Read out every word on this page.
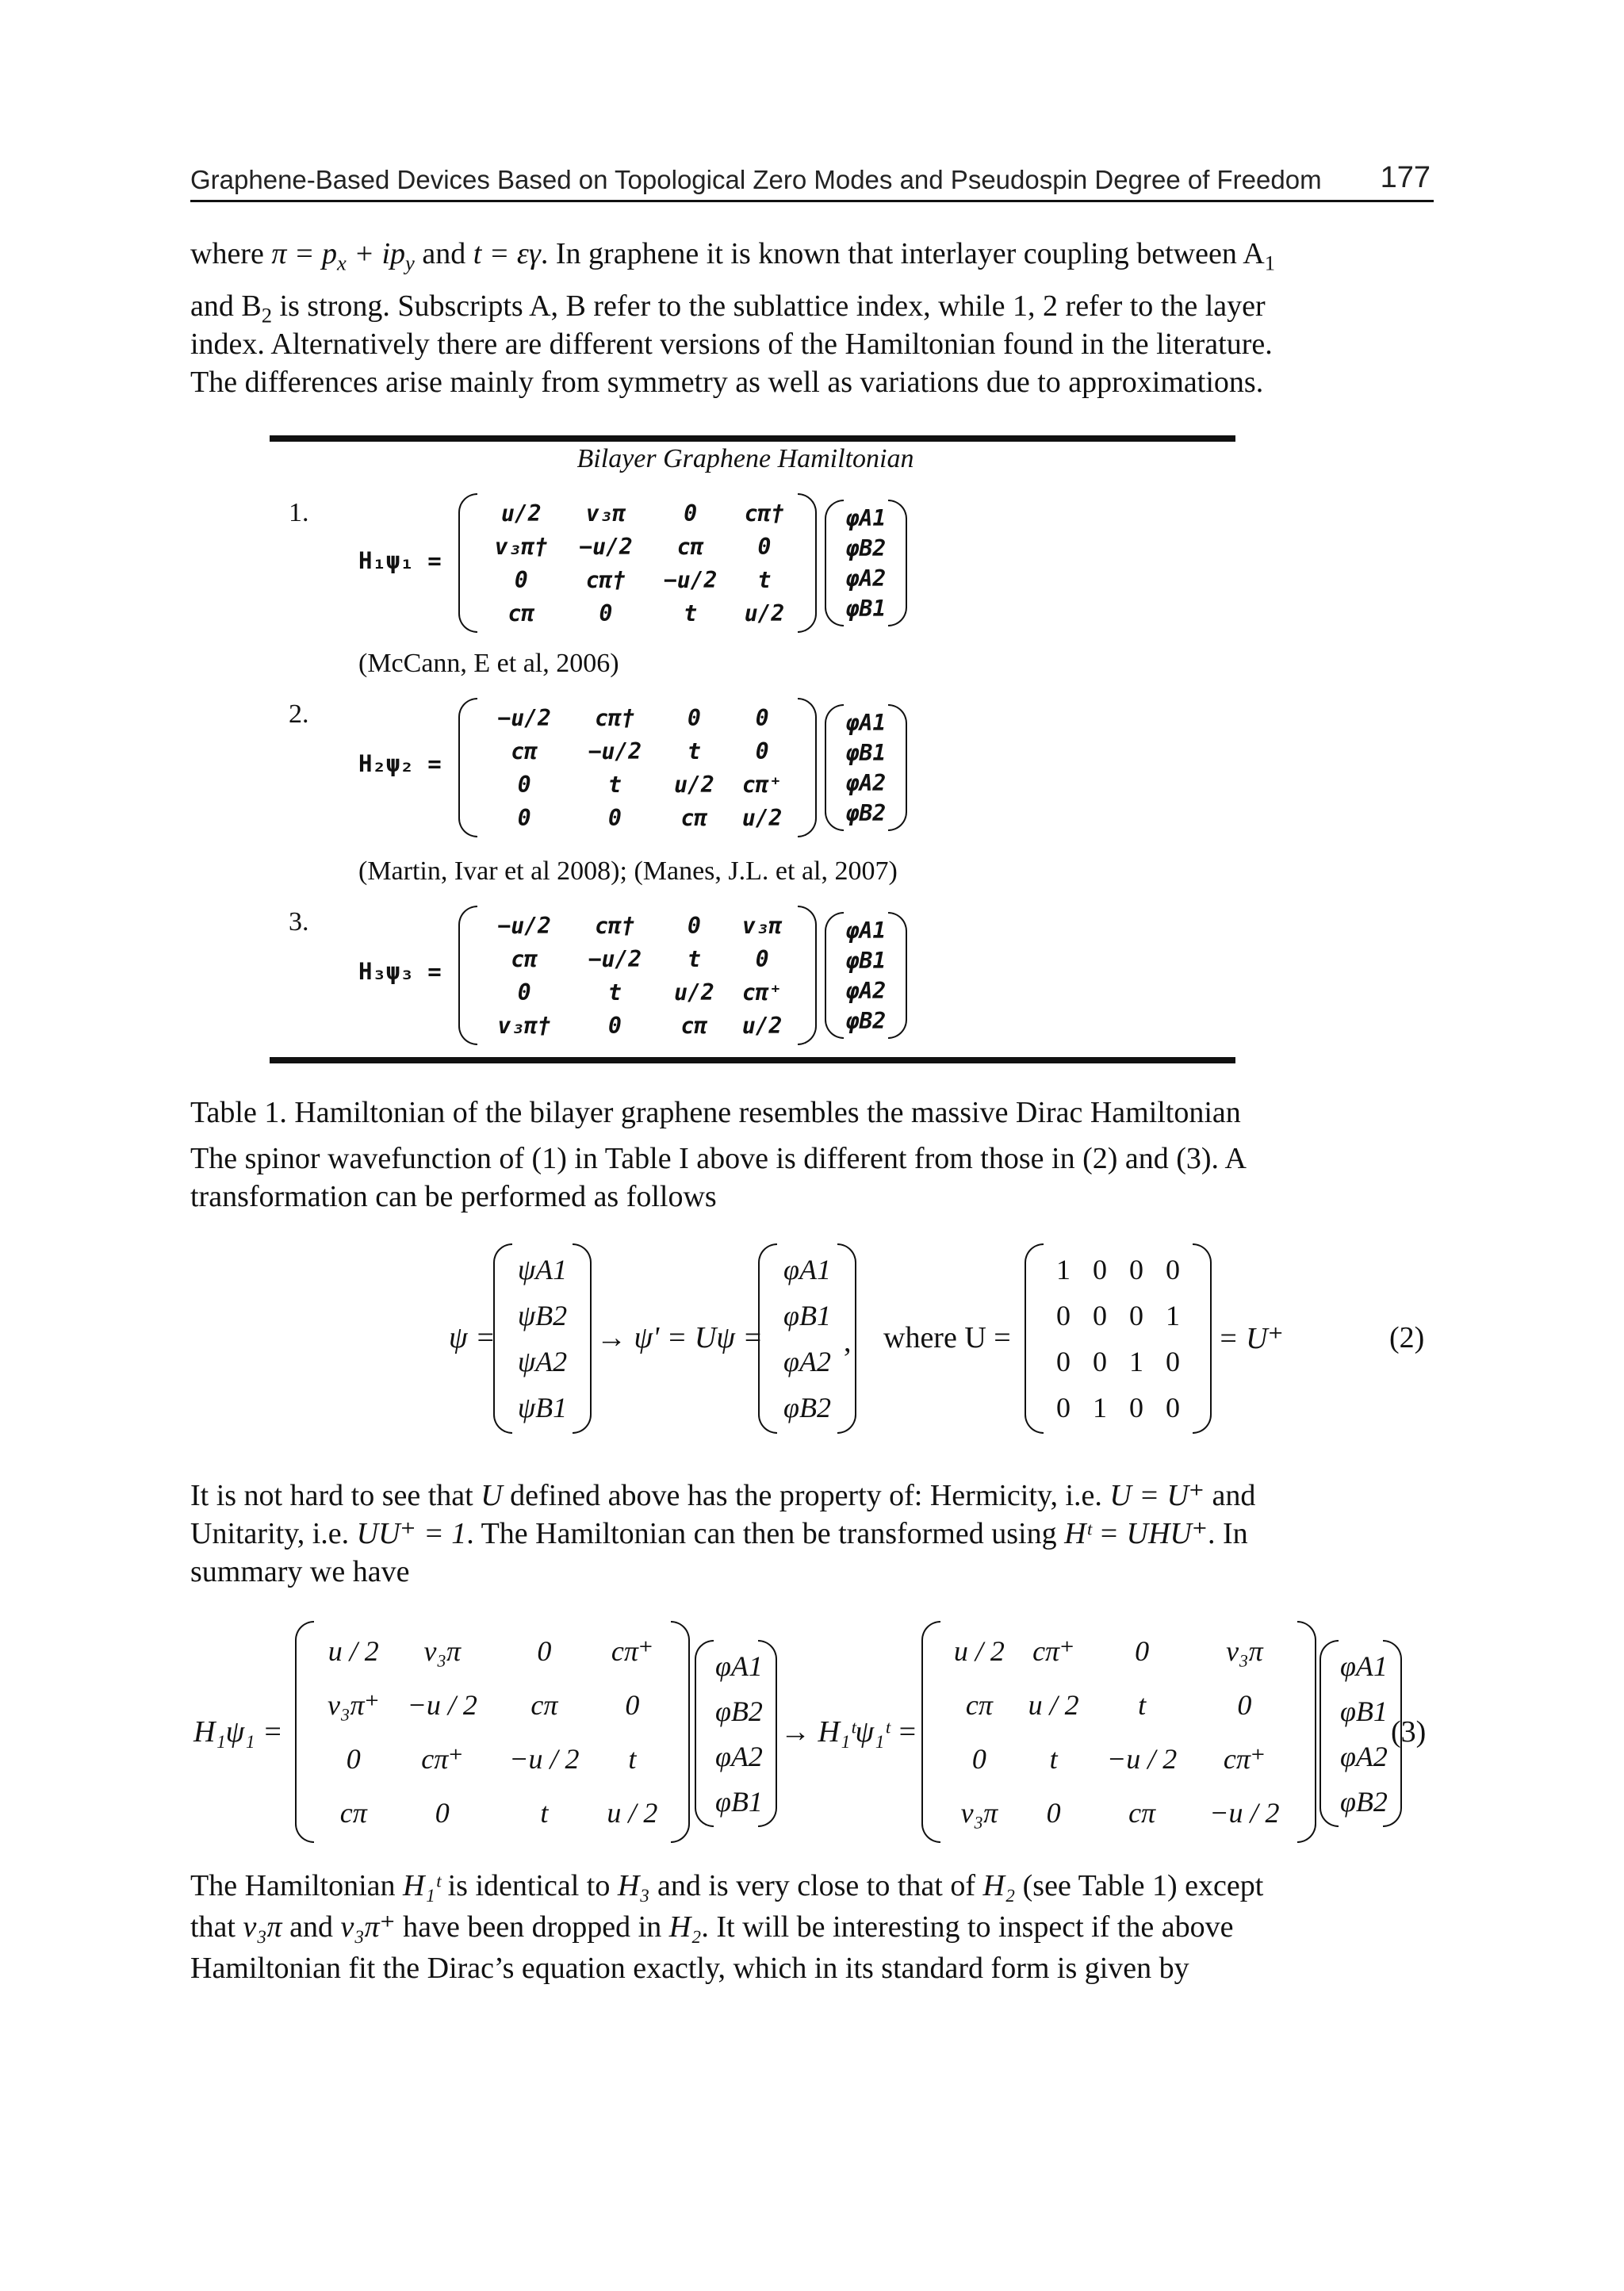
Graphene-Based Devices Based on Topological Zero Modes and Pseudospin Degree of Freedom 177
where $\pi = p_x + ip_y$ and t = εγ. In graphene it is known that interlayer coupling between $A_1$
and $B_2$ is strong. Subscripts A, B refer to the sublattice index, while 1, 2 refer to the layer
index. Alternatively there are different versions of the Hamiltonian found in the literature.
The differences arise mainly from symmetry as well as variations due to approximations.
Bilayer Graphene Hamiltonian
1.
H₁ψ₁ =
u/2	v₃π	0	cπ†
v₃π†	−u/2	cπ	0
0	cπ†	−u/2	t
cπ	0	t	u/2
φA1
φB2
φA2
φB1
(McCann, E et al, 2006)
2.
H₂ψ₂ =
−u/2	cπ†	0	0
cπ	−u/2	t	0
0	t	u/2	cπ⁺
0	0	cπ	u/2
φA1
φB1
φA2
φB2
(Martin, Ivar et al 2008); (Manes, J.L. et al, 2007)
3.
H₃ψ₃ =
−u/2	cπ†	0	v₃π
cπ	−u/2	t	0
0	t	u/2	cπ⁺
v₃π†	0	cπ	u/2
φA1
φB1
φA2
φB2
Table 1. Hamiltonian of the bilayer graphene resembles the massive Dirac Hamiltonian
The spinor wavefunction of (1) in Table I above is different from those in (2) and (3). A
transformation can be performed as follows
ψ =
ψA1
ψB2
ψA2
ψB1
→ ψ' = Uψ =
φA1
φB1
φA2
φB2
, where U =
1	0	0	0
0	0	0	1
0	0	1	0
0	1	0	0
= U⁺	(2)
It is not hard to see that U defined above has the property of: Hermicity, i.e. U = U⁺ and
Unitarity, i.e. UU⁺ = 1. The Hamiltonian can then be transformed using Hᵗ = UHU⁺. In
summary we have
H₁ψ₁ =
u / 2	v₃π	0	cπ⁺
v₃π⁺	−u / 2	cπ	0
0	cπ⁺	−u / 2	t
cπ	0	t	u / 2
φA1
φB2
φA2
φB1
→ H₁ᵗψ₁ᵗ =
u / 2	cπ⁺	0	v₃π
cπ	u / 2	t	0
0	t	−u / 2	cπ⁺
v₃π	0	cπ	−u / 2
φA1
φB1
φA2
φB2
(3)
The Hamiltonian H₁ᵗ is identical to H₃ and is very close to that of H₂ (see Table 1) except
that v₃π and v₃π⁺ have been dropped in H₂. It will be interesting to inspect if the above
Hamiltonian fit the Dirac’s equation exactly, which in its standard form is given by
